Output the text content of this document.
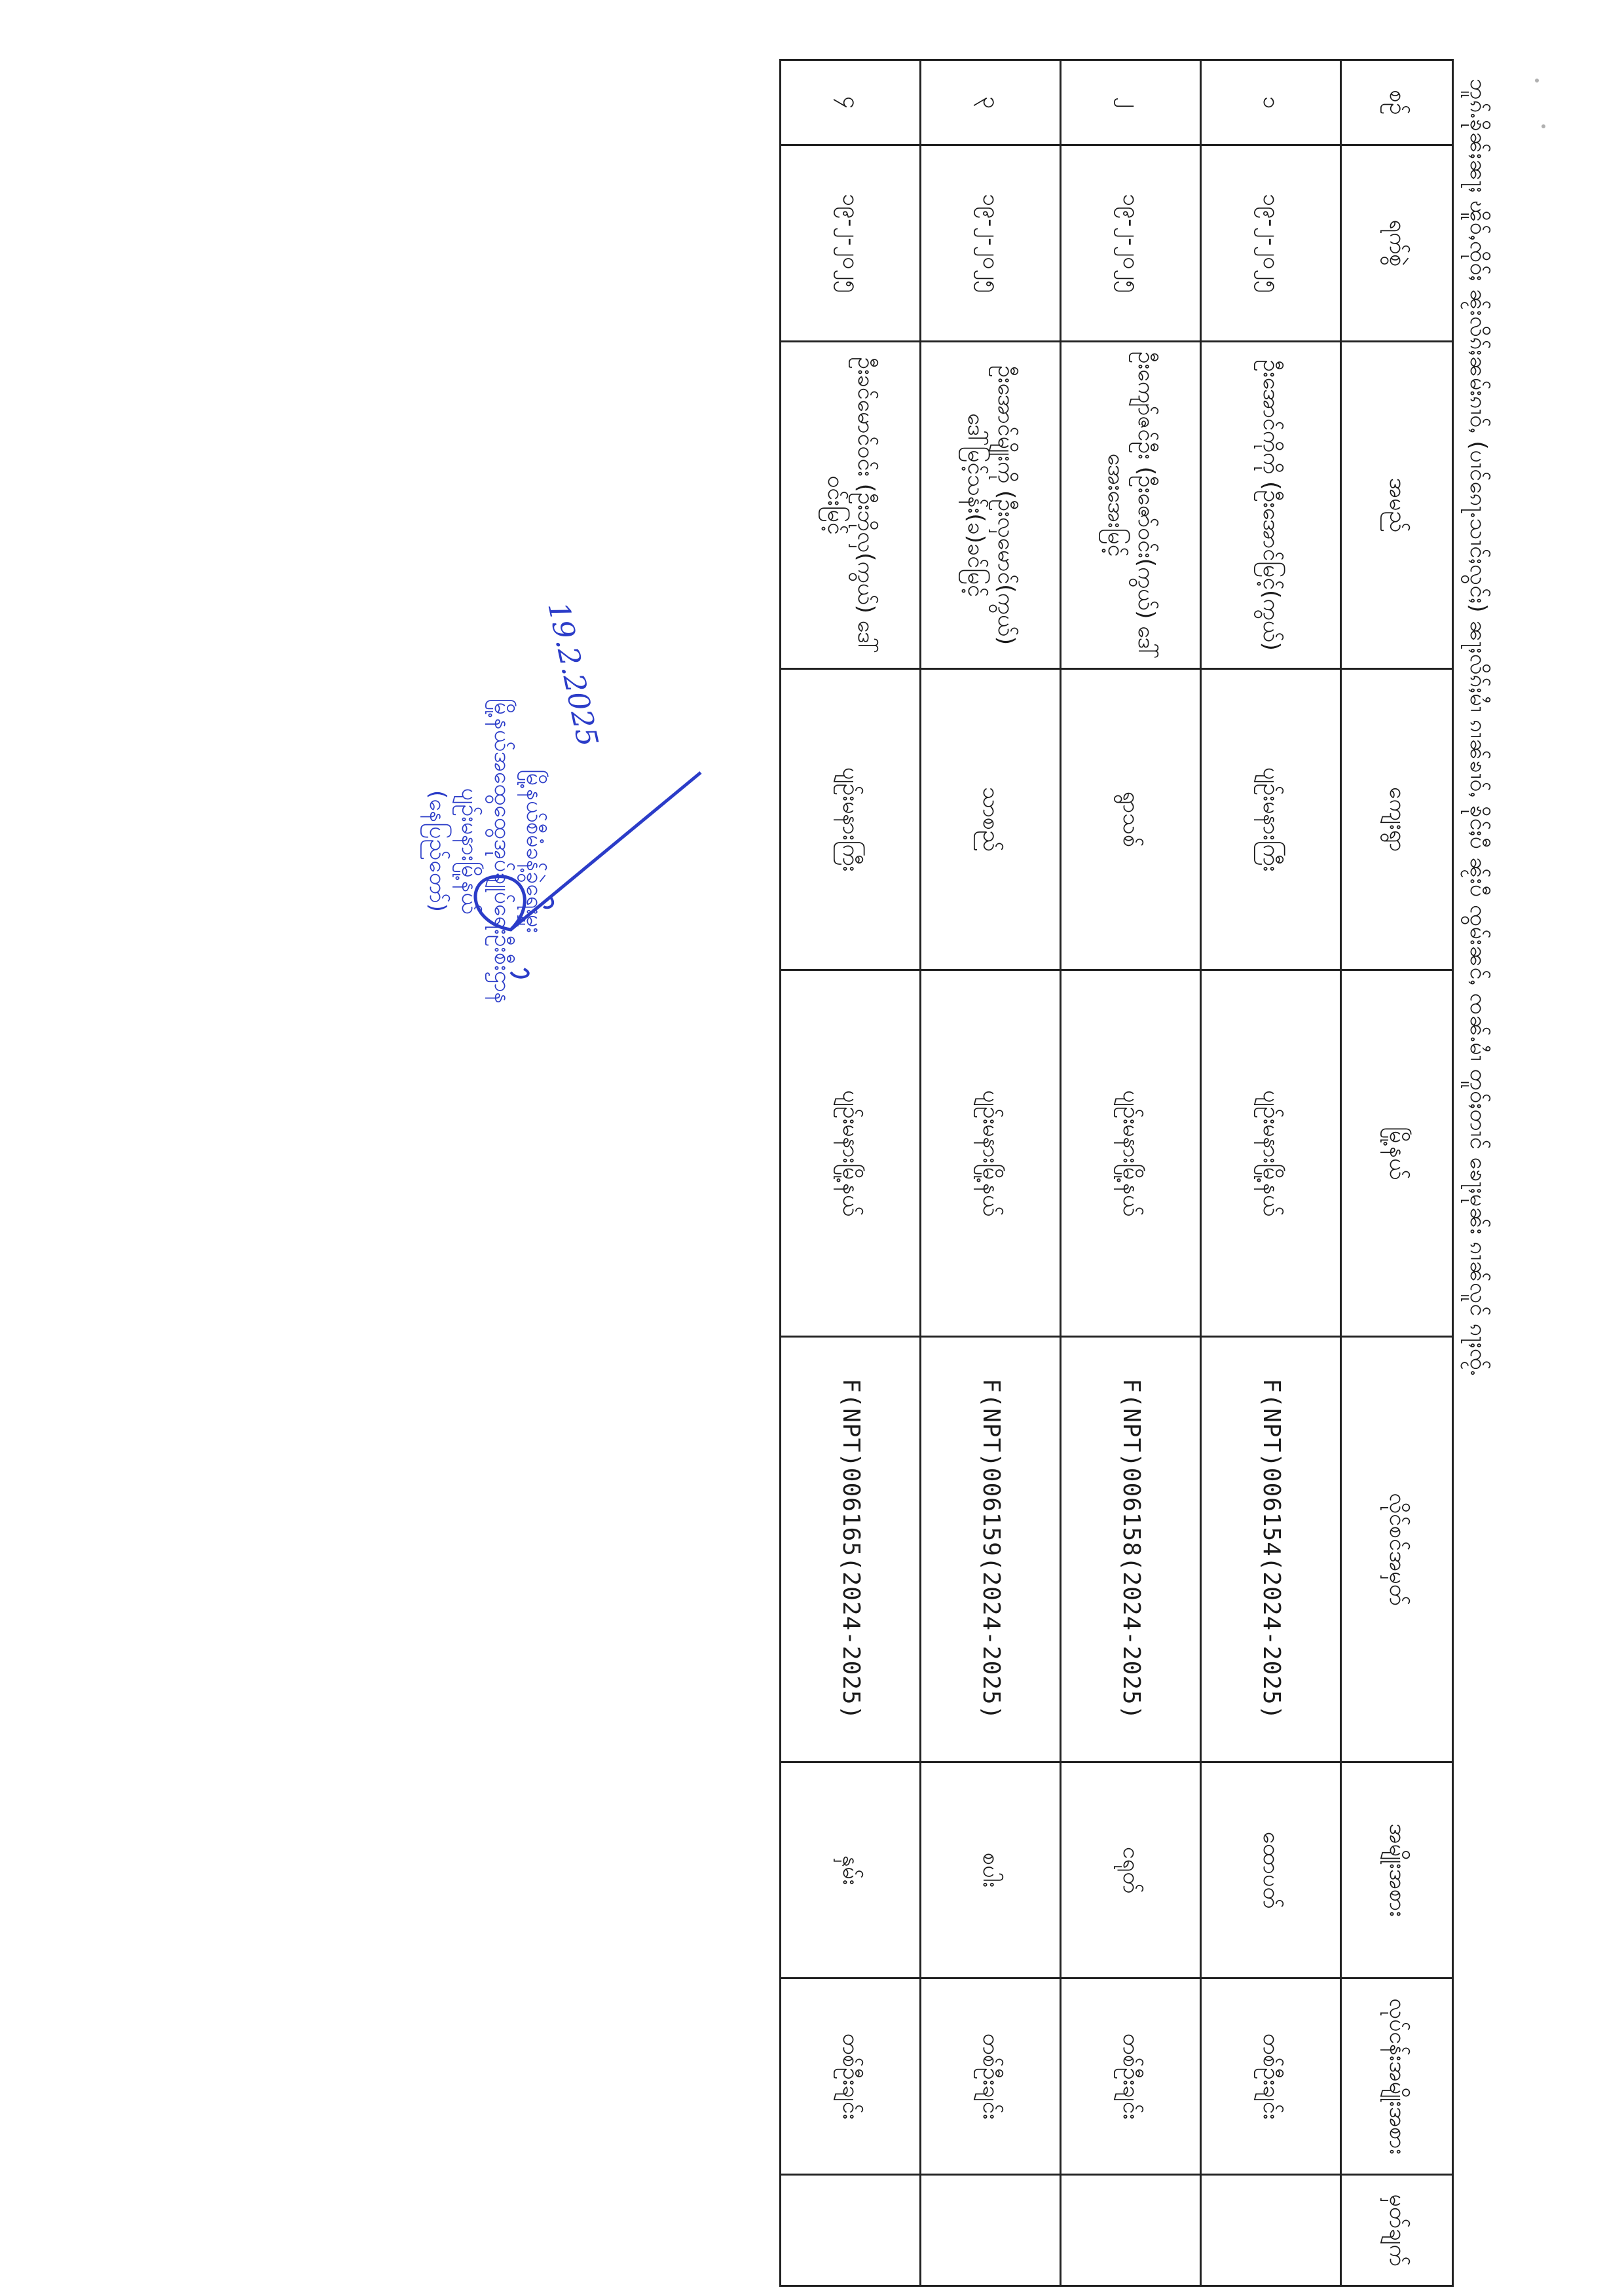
ဘူၵ်ႉၶိုၼ်ႈၼႃႈ ၽိူဝ်ႇၸိုဝ်ႈ ၼႂ်းလိၵ်ႈၼမ်းၵၢဝ်ႇ (ပၢင်ၵေႃႉသၢင်ႈလွင်ႈ) ၼႃႈလိၵ်ႈမၢႆ ၵၢၼ်ၶၢဝ်ႇ ၶိုင်ႈပီ ၼႂ်းပီ ၸွမ်းၼင်ႇ ၸၼ်ႉမၢႆ တူဝ်ႈတၢင် ၶေႃႈမုၼ်း ၵၢၼ်လူင် ၵႃႈၸႂ်ႉ
စဥ်	ရက်စွဲ	အမည်	ကျေးရွာ	မြို့နယ်	လိုင်စင်အမှတ်	အမျိုးအစား	လုပ်ငန်းအမျိုးအစား	မှတ်ချက်
၁	၁၉-၂-၂၀၂၅	ဦးအောင်ကိုကို (ဦးအောင်မြင့်(ကွယ်)	ပျဉ်းမနားကြီး	ပျဉ်းမနားမြို့နယ်	F(NPT)006154(2024-2025)	ထောပတ်	တစ်ဦးချင်း	
၂	၁၉-၂-၂၀၂၅	ဦးကျော်ဇင်ဦး (ဦးဇော်ဝင်း(ကွယ်) ဒေါ်အေးအေးမြင့်	ရွာသစ်	ပျဉ်းမနားမြို့နယ်	F(NPT)006158(2024-2025)	ငရုတ်	တစ်ဦးချင်း	
၃	၁၉-၂-၂၀၂၅	ဦးအောင်မျိုးကို (ဦးလှမောင်(ကွယ်) ဒေါ်မြင့်သန်း(ခ)ခင်မြင့်	သာစည်	ပျဉ်းမနားမြို့နယ်	F(NPT)006159(2024-2025)	စပါး	တစ်ဦးချင်း	
၄	၁၉-၂-၂၀၂၅	ဦးခင်မောင်ဝင်း (ဦးဘိုလှ(ကွယ်) ဒေါ်ဝင်းမြင့်	ပျဉ်းမနားကြီး	ပျဉ်းမနားမြို့နယ်	F(NPT)006165(2024-2025)	နှမ်း	တစ်ဦးချင်း	
မြို့နယ်စီမံခန့်ခွဲရေးမှူး
မြို့နယ်အထွေထွေအုပ်ချုပ်ရေးဦးစီးဌာန
ပျဉ်းမနားမြို့နယ်
(နေပြည်တော်)
19.2.2025
